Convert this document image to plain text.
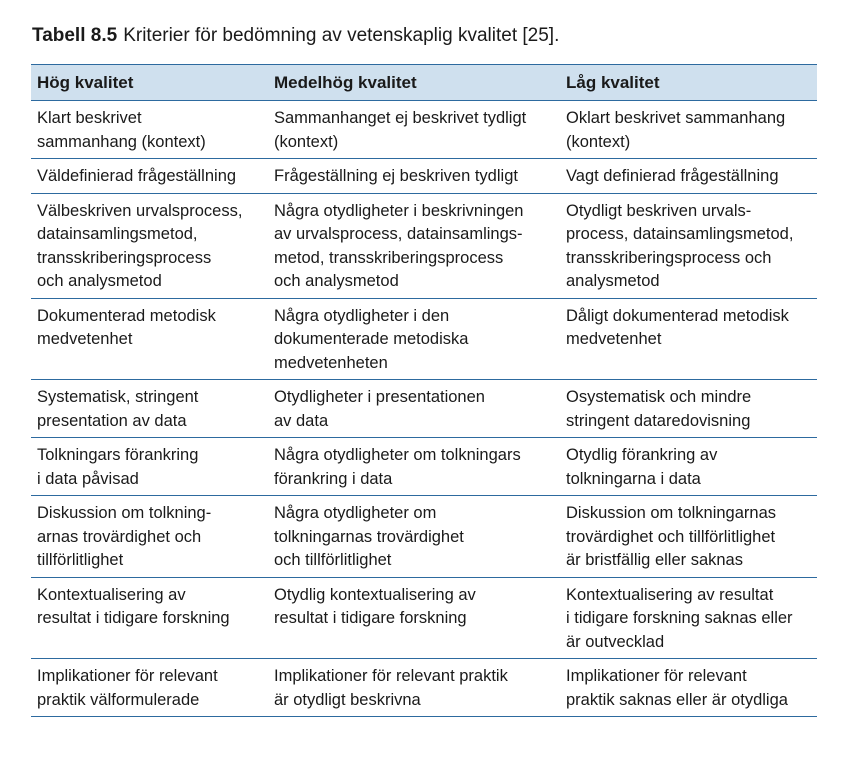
Tabell 8.5 Kriterier för bedömning av vetenskaplig kvalitet [25].
Hög kvalitet	Medelhög kvalitet	Låg kvalitet

Klart beskrivet
sammanhang (kontext)	Sammanhanget ej beskrivet tydligt
(kontext)	Oklart beskrivet sammanhang
(kontext)

Väldefinierad frågeställning	Frågeställning ej beskriven tydligt	Vagt definierad frågeställning

Välbeskriven urvalsprocess,
datainsamlingsmetod,
transskriberingsprocess
och analysmetod	Några otydligheter i beskrivningen
av urvalsprocess, datainsamlings-
metod, transskriberingsprocess
och analysmetod	Otydligt beskriven urvals-
process, datainsamlingsmetod,
transskriberingsprocess och
analysmetod

Dokumenterad metodisk
medvetenhet	Några otydligheter i den
dokumenterade metodiska
medvetenheten	Dåligt dokumenterad metodisk
medvetenhet

Systematisk, stringent
presentation av data	Otydligheter i presentationen
av data	Osystematisk och mindre
stringent dataredovisning

Tolkningars förankring
i data påvisad	Några otydligheter om tolkningars
förankring i data	Otydlig förankring av
tolkningarna i data

Diskussion om tolkning-
arnas trovärdighet och
tillförlitlighet	Några otydligheter om
tolkningarnas trovärdighet
och tillförlitlighet	Diskussion om tolkningarnas
trovärdighet och tillförlitlighet
är bristfällig eller saknas

Kontextualisering av
resultat i tidigare forskning	Otydlig kontextualisering av
resultat i tidigare forskning	Kontextualisering av resultat
i tidigare forskning saknas eller
är outvecklad

Implikationer för relevant
praktik välformulerade	Implikationer för relevant praktik
är otydligt beskrivna	Implikationer för relevant
praktik saknas eller är otydliga
